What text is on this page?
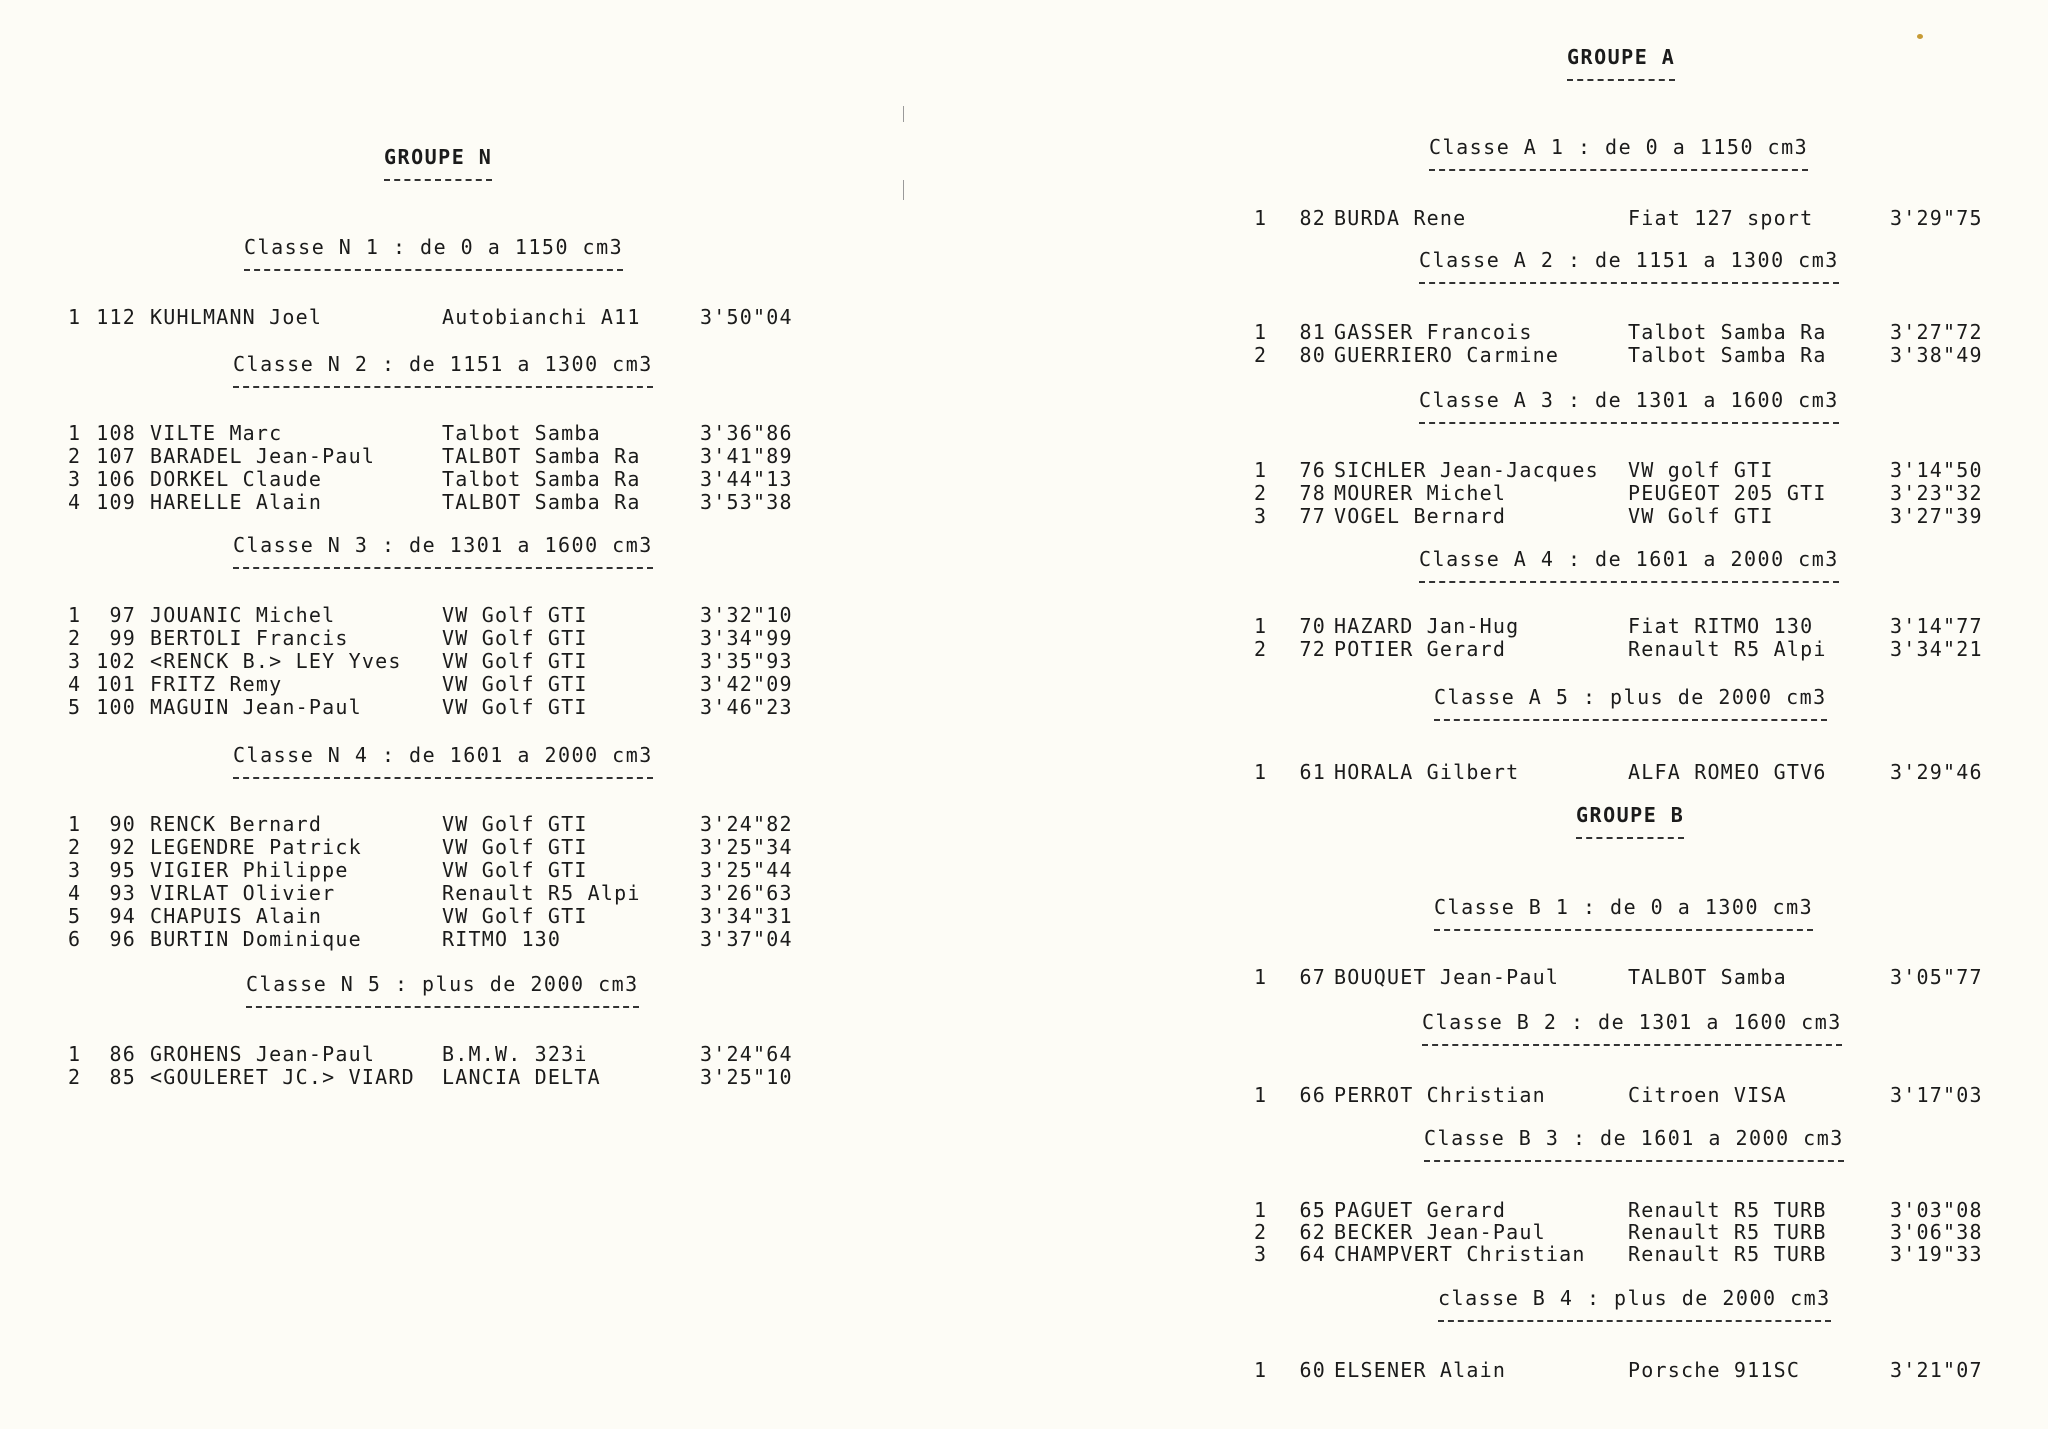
GROUPE N
GROUPE A
GROUPE B
Classe N 1 : de 0 a 1150 cm3
1 112 KUHLMANN Joel	Autobianchi A11	3'50"04
Classe N 2 : de 1151 a 1300 cm3
1 108 VILTE Marc	Talbot Samba	3'36"86
2 107 BARADEL Jean-Paul	TALBOT Samba Ra	3'41"89
3 106 DORKEL Claude	Talbot Samba Ra	3'44"13
4 109 HARELLE Alain	TALBOT Samba Ra	3'53"38
Classe N 3 : de 1301 a 1600 cm3
1 97 JOUANIC Michel	VW Golf GTI	3'32"10
2 99 BERTOLI Francis	VW Golf GTI	3'34"99
3 102 <RENCK B.> LEY Yves VW Golf GTI	3'35"93
4 101 FRITZ Remy	VW Golf GTI	3'42"09
5 100 MAGUIN Jean-Paul	VW Golf GTI	3'46"23
Classe N 4 : de 1601 a 2000 cm3
1 90 RENCK Bernard	VW Golf GTI	3'24"82
2 92 LEGENDRE Patrick	VW Golf GTI	3'25"34
3 95 VIGIER Philippe	VW Golf GTI	3'25"44
4 93 VIRLAT Olivier	Renault R5 Alpi	3'26"63
5 94 CHAPUIS Alain	VW Golf GTI	3'34"31
6 96 BURTIN Dominique	RITMO 130	3'37"04
Classe N 5 : plus de 2000 cm3
1 86 GROHENS Jean-Paul	B.M.W. 323i	3'24"64
2 85 <GOULERET JC.> VIARD LANCIA DELTA	3'25"10
Classe A 1 : de 0 a 1150 cm3
1 82 BURDA Rene	Fiat 127 sport	3'29"75
Classe A 2 : de 1151 a 1300 cm3
1 81 GASSER Francois	Talbot Samba Ra	3'27"72
2 80 GUERRIERO Carmine	Talbot Samba Ra	3'38"49
Classe A 3 : de 1301 a 1600 cm3
1 76 SICHLER Jean-Jacques VW golf GTI	3'14"50
2 78 MOURER Michel	PEUGEOT 205 GTI	3'23"32
3 77 VOGEL Bernard	VW Golf GTI	3'27"39
Classe A 4 : de 1601 a 2000 cm3
1 70 HAZARD Jan-Hug	Fiat RITMO 130	3'14"77
2 72 POTIER Gerard	Renault R5 Alpi	3'34"21
Classe A 5 : plus de 2000 cm3
1 61 HORALA Gilbert	ALFA ROMEO GTV6	3'29"46
Classe B 1 : de 0 a 1300 cm3
1 67 BOUQUET Jean-Paul	TALBOT Samba	3'05"77
Classe B 2 : de 1301 a 1600 cm3
1 66 PERROT Christian	Citroen VISA	3'17"03
Classe B 3 : de 1601 a 2000 cm3
1 65 PAGUET Gerard	Renault R5 TURB	3'03"08
2 62 BECKER Jean-Paul	Renault R5 TURB	3'06"38
3 64 CHAMPVERT Christian Renault R5 TURB	3'19"33
classe B 4 : plus de 2000 cm3
1 60 ELSENER Alain	Porsche 911SC	3'21"07
